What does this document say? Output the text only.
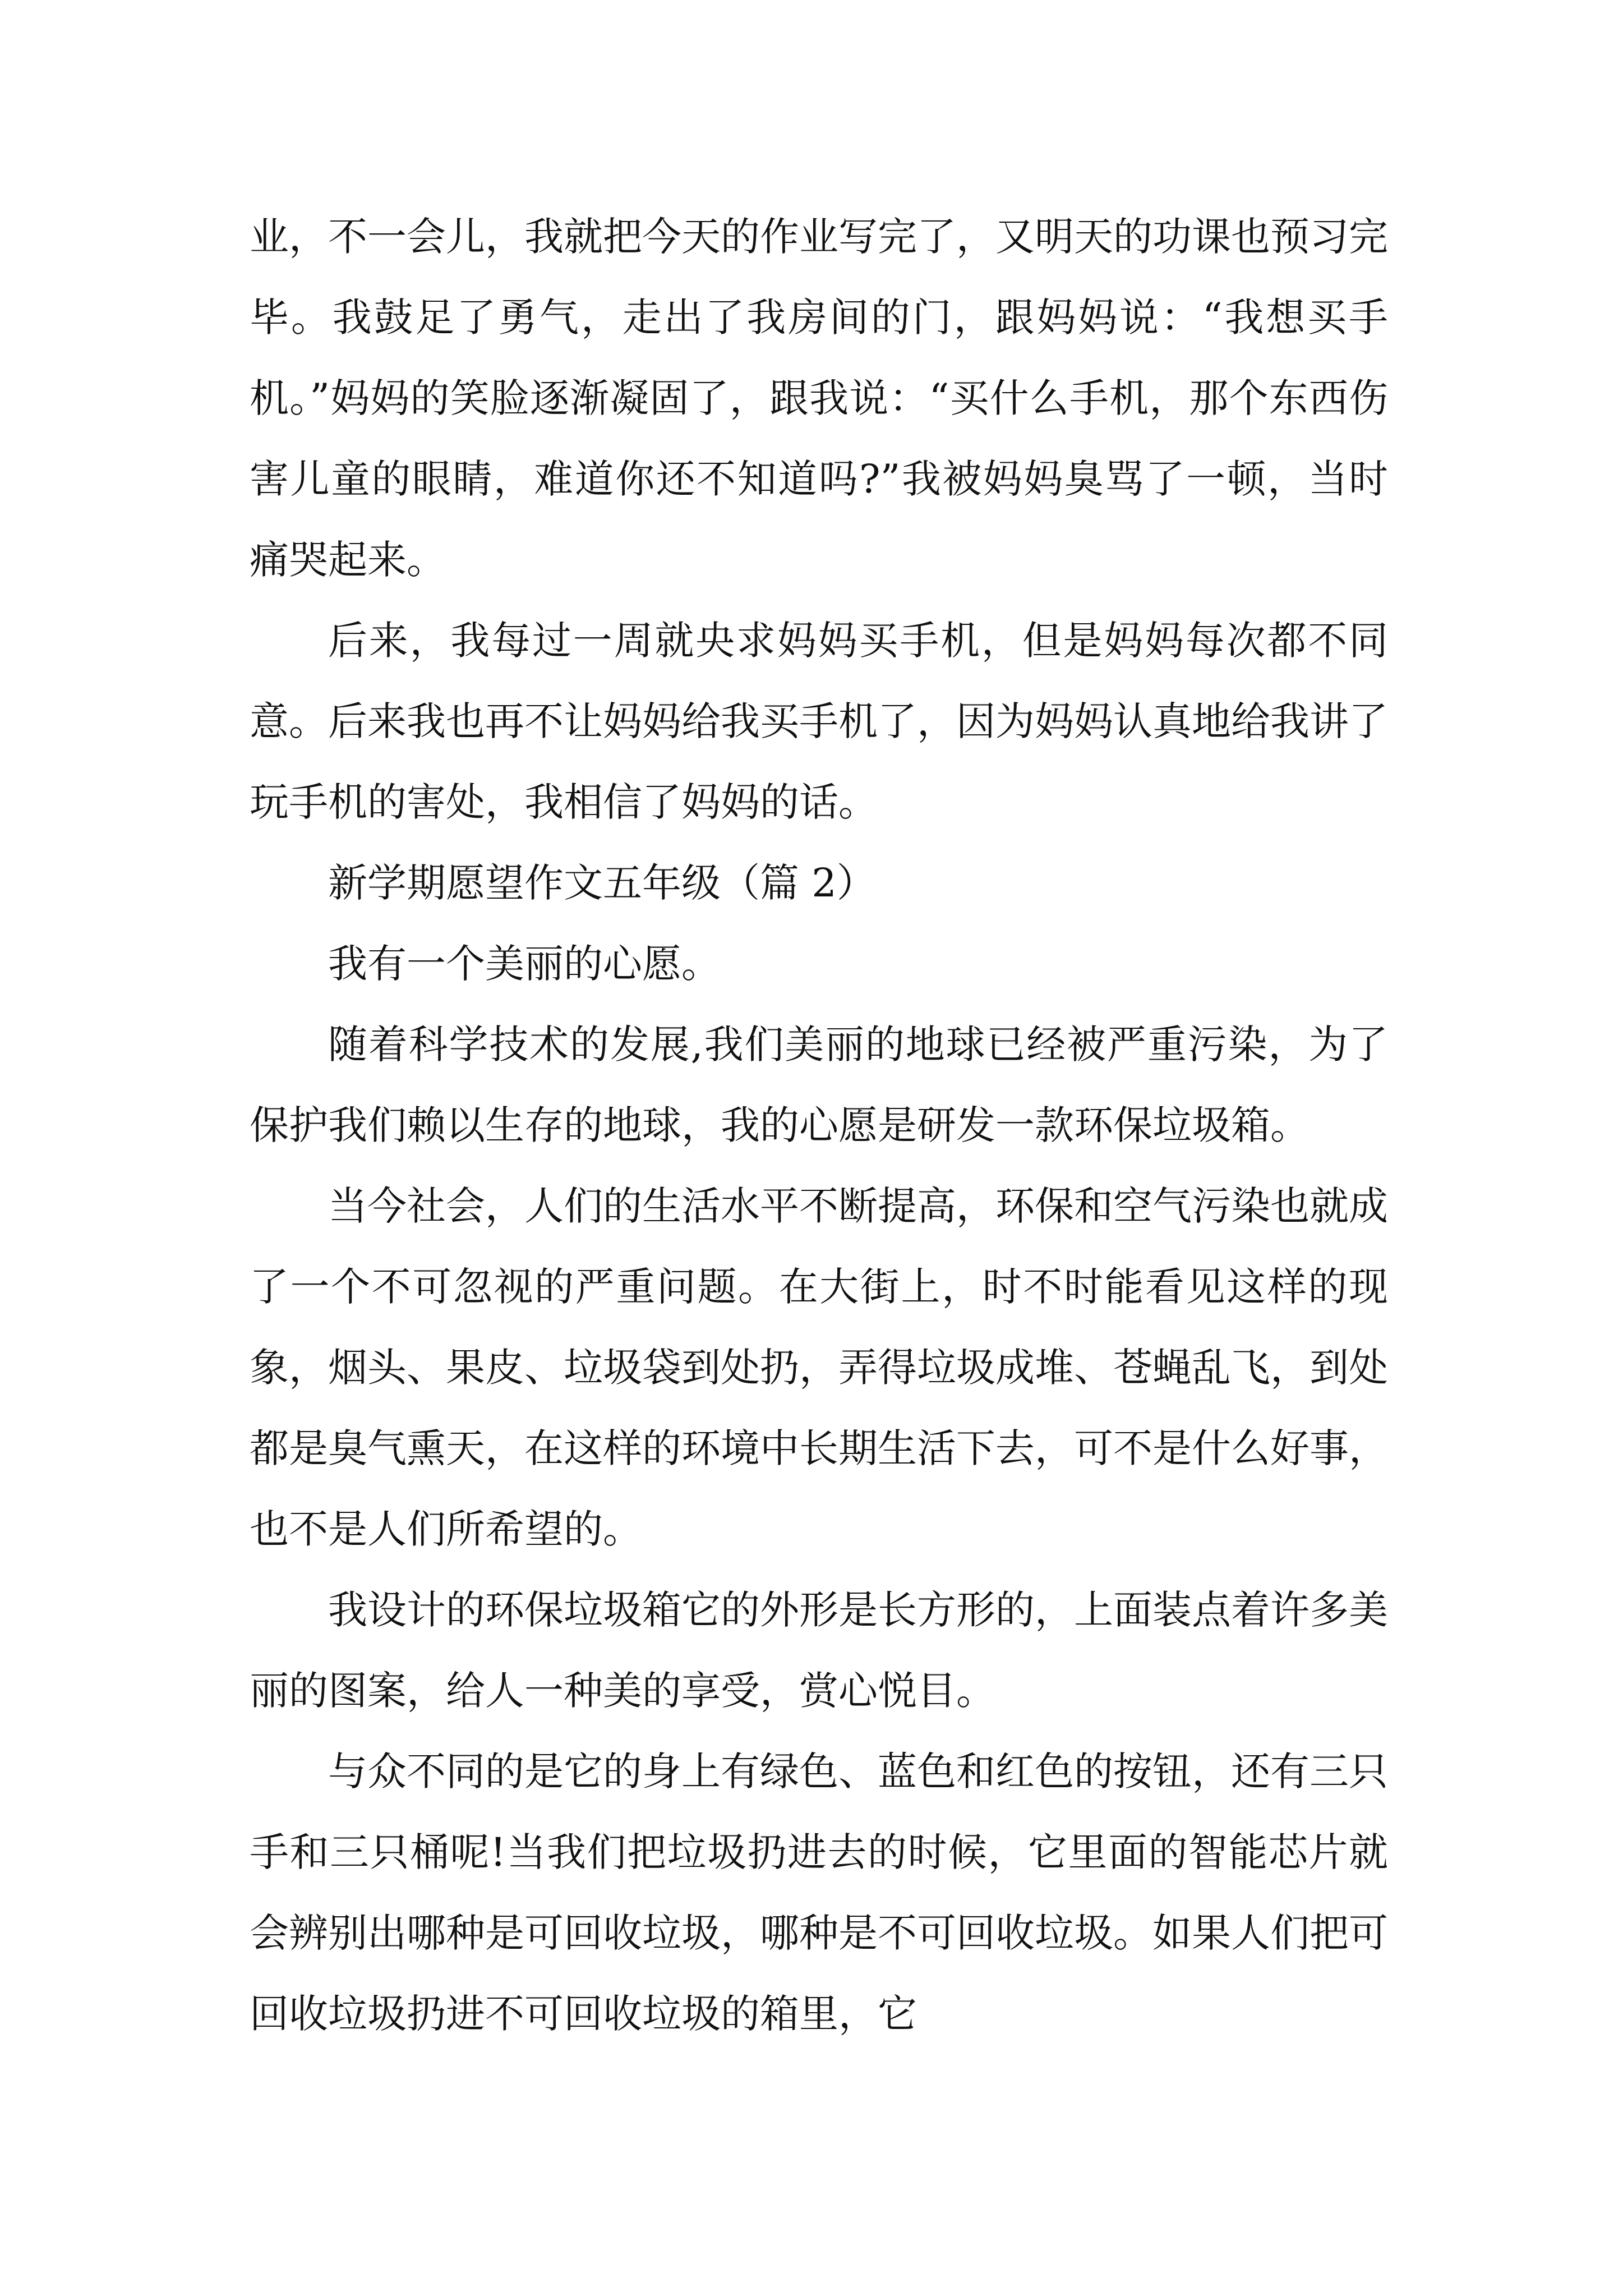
业，不一会儿，我就把今天的作业写完了，又明天的功课也预习完毕。我鼓足了勇气，走出了我房间的门，跟妈妈说：“我想买手机。”妈妈的笑脸逐渐凝固了，跟我说：“买什么手机，那个东西伤害儿童的眼睛，难道你还不知道吗?”我被妈妈臭骂了一顿，当时痛哭起来。

后来，我每过一周就央求妈妈买手机，但是妈妈每次都不同意。后来我也再不让妈妈给我买手机了，因为妈妈认真地给我讲了玩手机的害处，我相信了妈妈的话。

新学期愿望作文五年级（篇 2）

我有一个美丽的心愿。

随着科学技术的发展,我们美丽的地球已经被严重污染，为了保护我们赖以生存的地球，我的心愿是研发一款环保垃圾箱。

当今社会，人们的生活水平不断提高，环保和空气污染也就成了一个不可忽视的严重问题。在大街上，时不时能看见这样的现象，烟头、果皮、垃圾袋到处扔，弄得垃圾成堆、苍蝇乱飞，到处都是臭气熏天，在这样的环境中长期生活下去，可不是什么好事，也不是人们所希望的。

我设计的环保垃圾箱它的外形是长方形的，上面装点着许多美丽的图案，给人一种美的享受，赏心悦目。

与众不同的是它的身上有绿色、蓝色和红色的按钮，还有三只手和三只桶呢!当我们把垃圾扔进去的时候，它里面的智能芯片就会辨别出哪种是可回收垃圾，哪种是不可回收垃圾。如果人们把可回收垃圾扔进不可回收垃圾的箱里，它
